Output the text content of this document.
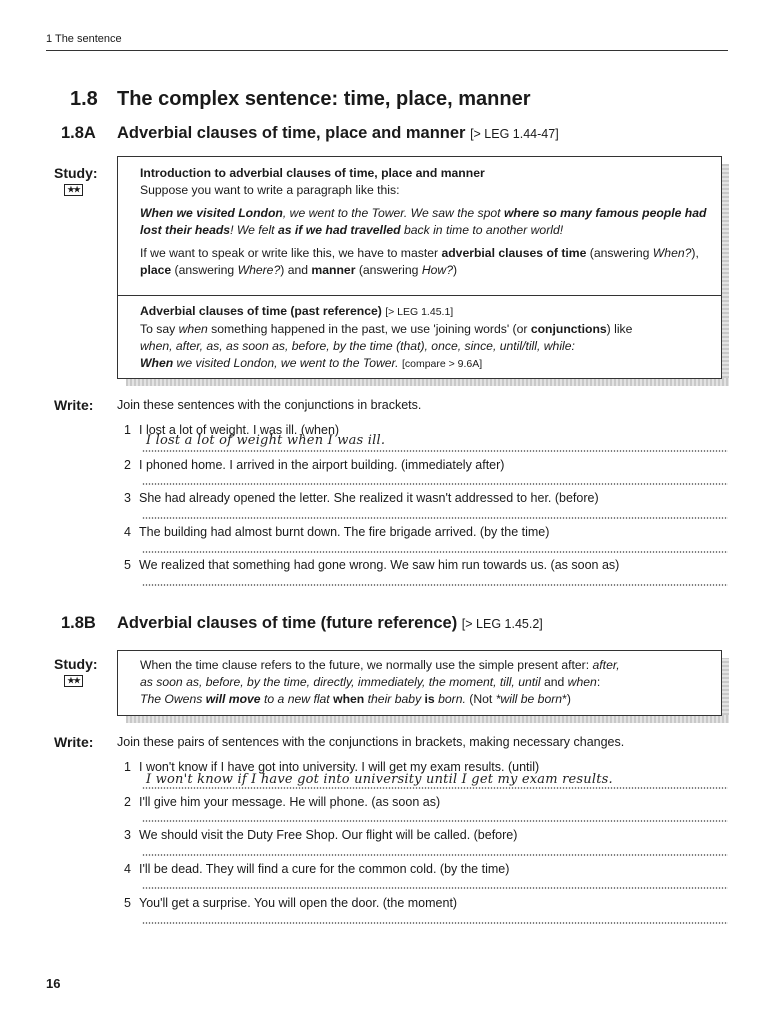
1 The sentence
1.8 The complex sentence: time, place, manner
1.8A Adverbial clauses of time, place and manner [> LEG 1.44-47]
Study:
★★

Introduction to adverbial clauses of time, place and manner

Suppose you want to write a paragraph like this:

When we visited London, we went to the Tower. We saw the spot where so many famous people had lost their heads! We felt as if we had travelled back in time to another world!

If we want to speak or write like this, we have to master adverbial clauses of time (answering When?), place (answering Where?) and manner (answering How?)

Adverbial clauses of time (past reference) [> LEG 1.45.1]

To say when something happened in the past, we use 'joining words' (or conjunctions) like

when, after, as, as soon as, before, by the time (that), once, since, until/till, while:

When we visited London, we went to the Tower. [compare > 9.6A]

Write: Join these sentences with the conjunctions in brackets.
1 I lost a lot of weight. I was ill. (when)
I lost a lot of weight when I was ill.
2 I phoned home. I arrived in the airport building. (immediately after)
3 She had already opened the letter. She realized it wasn't addressed to her. (before)
4 The building had almost burnt down. The fire brigade arrived. (by the time)
5 We realized that something had gone wrong. We saw him run towards us. (as soon as)
1.8B Adverbial clauses of time (future reference) [> LEG 1.45.2]
Study:
★★

When the time clause refers to the future, we normally use the simple present after: after,

as soon as, before, by the time, directly, immediately, the moment, till, until and when:

The Owens will move to a new flat when their baby is born. (Not *will be born*)

Write: Join these pairs of sentences with the conjunctions in brackets, making necessary changes.
1 I won't know if I have got into university. I will get my exam results. (until)
I won't know if I have got into university until I get my exam results.
2 I'll give him your message. He will phone. (as soon as)
3 We should visit the Duty Free Shop. Our flight will be called. (before)
4 I'll be dead. They will find a cure for the common cold. (by the time)
5 You'll get a surprise. You will open the door. (the moment)
16
